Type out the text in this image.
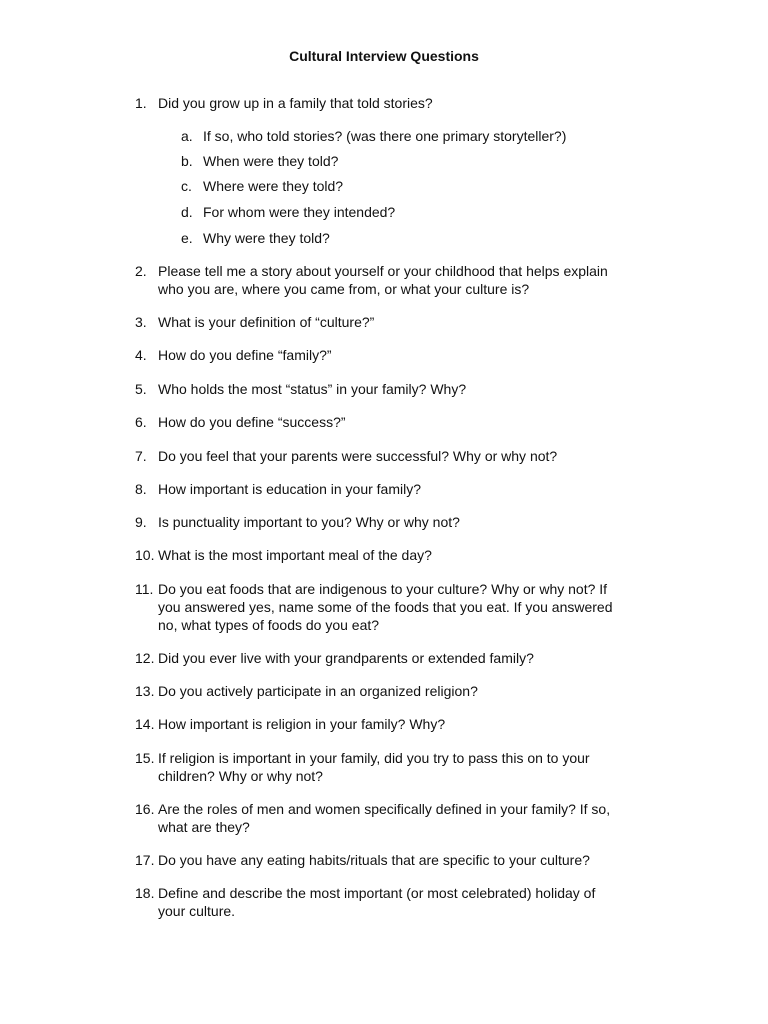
Cultural Interview Questions
1. Did you grow up in a family that told stories?
a. If so, who told stories? (was there one primary storyteller?)
b. When were they told?
c. Where were they told?
d. For whom were they intended?
e. Why were they told?
2. Please tell me a story about yourself or your childhood that helps explain
who you are, where you came from, or what your culture is?
3. What is your definition of “culture?”
4. How do you define “family?”
5. Who holds the most “status” in your family? Why?
6. How do you define “success?”
7. Do you feel that your parents were successful? Why or why not?
8. How important is education in your family?
9. Is punctuality important to you? Why or why not?
10. What is the most important meal of the day?
11. Do you eat foods that are indigenous to your culture? Why or why not? If
you answered yes, name some of the foods that you eat. If you answered
no, what types of foods do you eat?
12. Did you ever live with your grandparents or extended family?
13. Do you actively participate in an organized religion?
14. How important is religion in your family? Why?
15. If religion is important in your family, did you try to pass this on to your
children? Why or why not?
16. Are the roles of men and women specifically defined in your family? If so,
what are they?
17. Do you have any eating habits/rituals that are specific to your culture?
18. Define and describe the most important (or most celebrated) holiday of
your culture.
